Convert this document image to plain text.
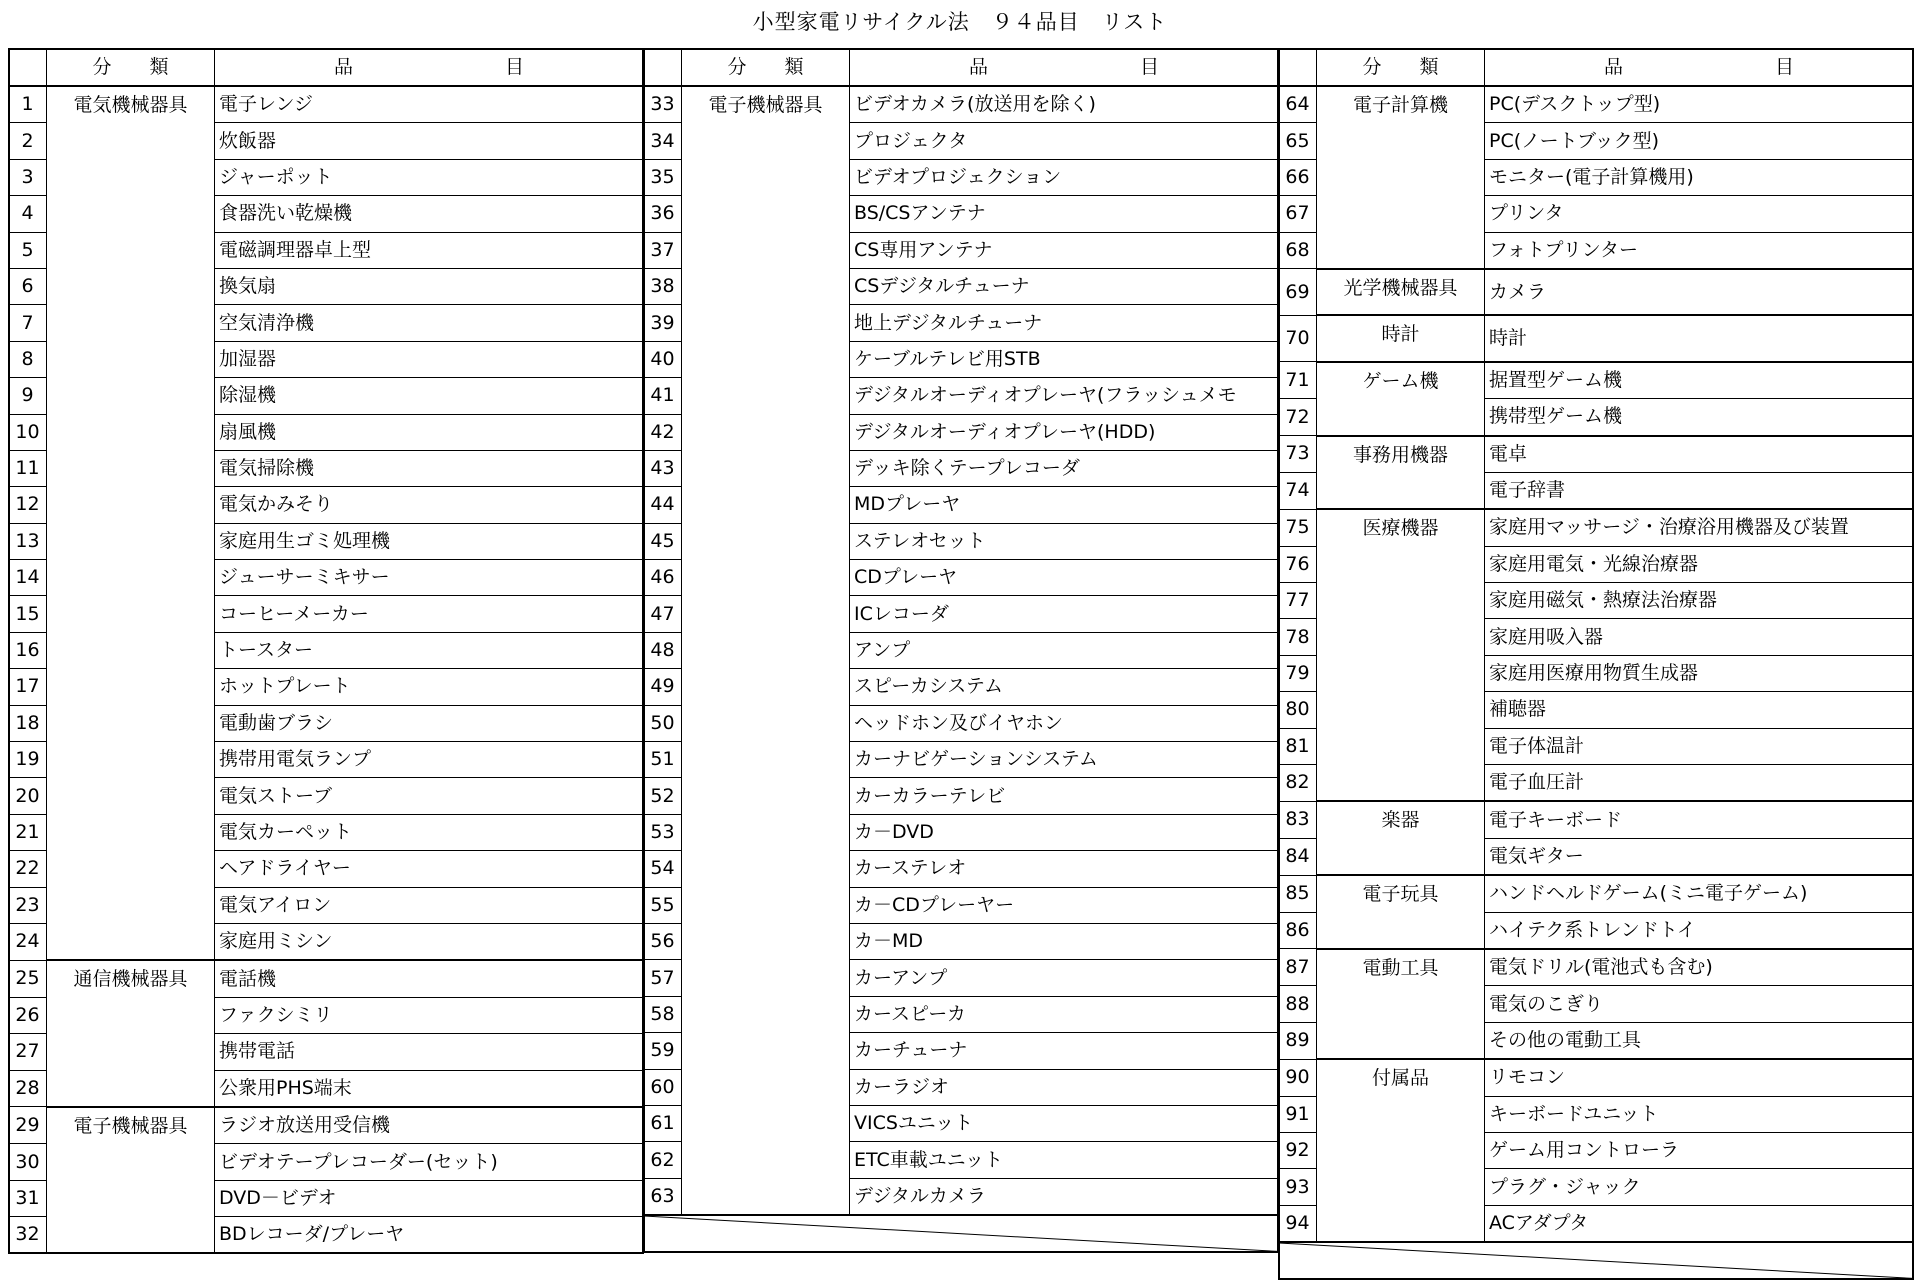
小型家電リサイクル法　９４品目　リスト
	分　　類	品　　　　　　　　目
1	電気機械器具	電子レンジ
2		炊飯器
3		ジャーポット
4		食器洗い乾燥機
5		電磁調理器卓上型
6		換気扇
7		空気清浄機
8		加湿器
9		除湿機
10		扇風機
11		電気掃除機
12		電気かみそり
13		家庭用生ゴミ処理機
14		ジューサーミキサー
15		コーヒーメーカー
16		トースター
17		ホットプレート
18		電動歯ブラシ
19		携帯用電気ランプ
20		電気ストーブ
21		電気カーペット
22		ヘアドライヤー
23		電気アイロン
24		家庭用ミシン
25	通信機械器具	電話機
26		ファクシミリ
27		携帯電話
28		公衆用PHS端末
29	電子機械器具	ラジオ放送用受信機
30		ビデオテープレコーダー(セット)
31		DVD－ビデオ
32		BDレコーダ/プレーヤ
	分　　類	品　　　　　　　　目
33	電子機械器具	ビデオカメラ(放送用を除く)
34		プロジェクタ
35		ビデオプロジェクション
36		BS/CSアンテナ
37		CS専用アンテナ
38		CSデジタルチューナ
39		地上デジタルチューナ
40		ケーブルテレビ用STB
41		デジタルオーディオプレーヤ(フラッシュメモ
42		デジタルオーディオプレーヤ(HDD)
43		デッキ除くテープレコーダ
44		MDプレーヤ
45		ステレオセット
46		CDプレーヤ
47		ICレコーダ
48		アンプ
49		スピーカシステム
50		ヘッドホン及びイヤホン
51		カーナビゲーションシステム
52		カーカラーテレビ
53		カ－DVD
54		カーステレオ
55		カ－CDプレーヤー
56		カ－MD
57		カーアンプ
58		カースピーカ
59		カーチューナ
60		カーラジオ
61		VICSユニット
62		ETC車載ユニット
63		デジタルカメラ

	分　　類	品　　　　　　　　目
64	電子計算機	PC(デスクトップ型)
65		PC(ノートブック型)
66		モニター(電子計算機用)
67		プリンタ
68		フォトプリンター
69	光学機械器具	カメラ
70	時計	時計
71	ゲーム機	据置型ゲーム機
72		携帯型ゲーム機
73	事務用機器	電卓
74		電子辞書
75	医療機器	家庭用マッサージ・治療浴用機器及び装置
76		家庭用電気・光線治療器
77		家庭用磁気・熱療法治療器
78		家庭用吸入器
79		家庭用医療用物質生成器
80		補聴器
81		電子体温計
82		電子血圧計
83	楽器	電子キーボード
84		電気ギター
85	電子玩具	ハンドヘルドゲーム(ミニ電子ゲーム)
86		ハイテク系トレンドトイ
87	電動工具	電気ドリル(電池式も含む)
88		電気のこぎり
89		その他の電動工具
90	付属品	リモコン
91		キーボードユニット
92		ゲーム用コントローラ
93		プラグ・ジャック
94		ACアダプタ
